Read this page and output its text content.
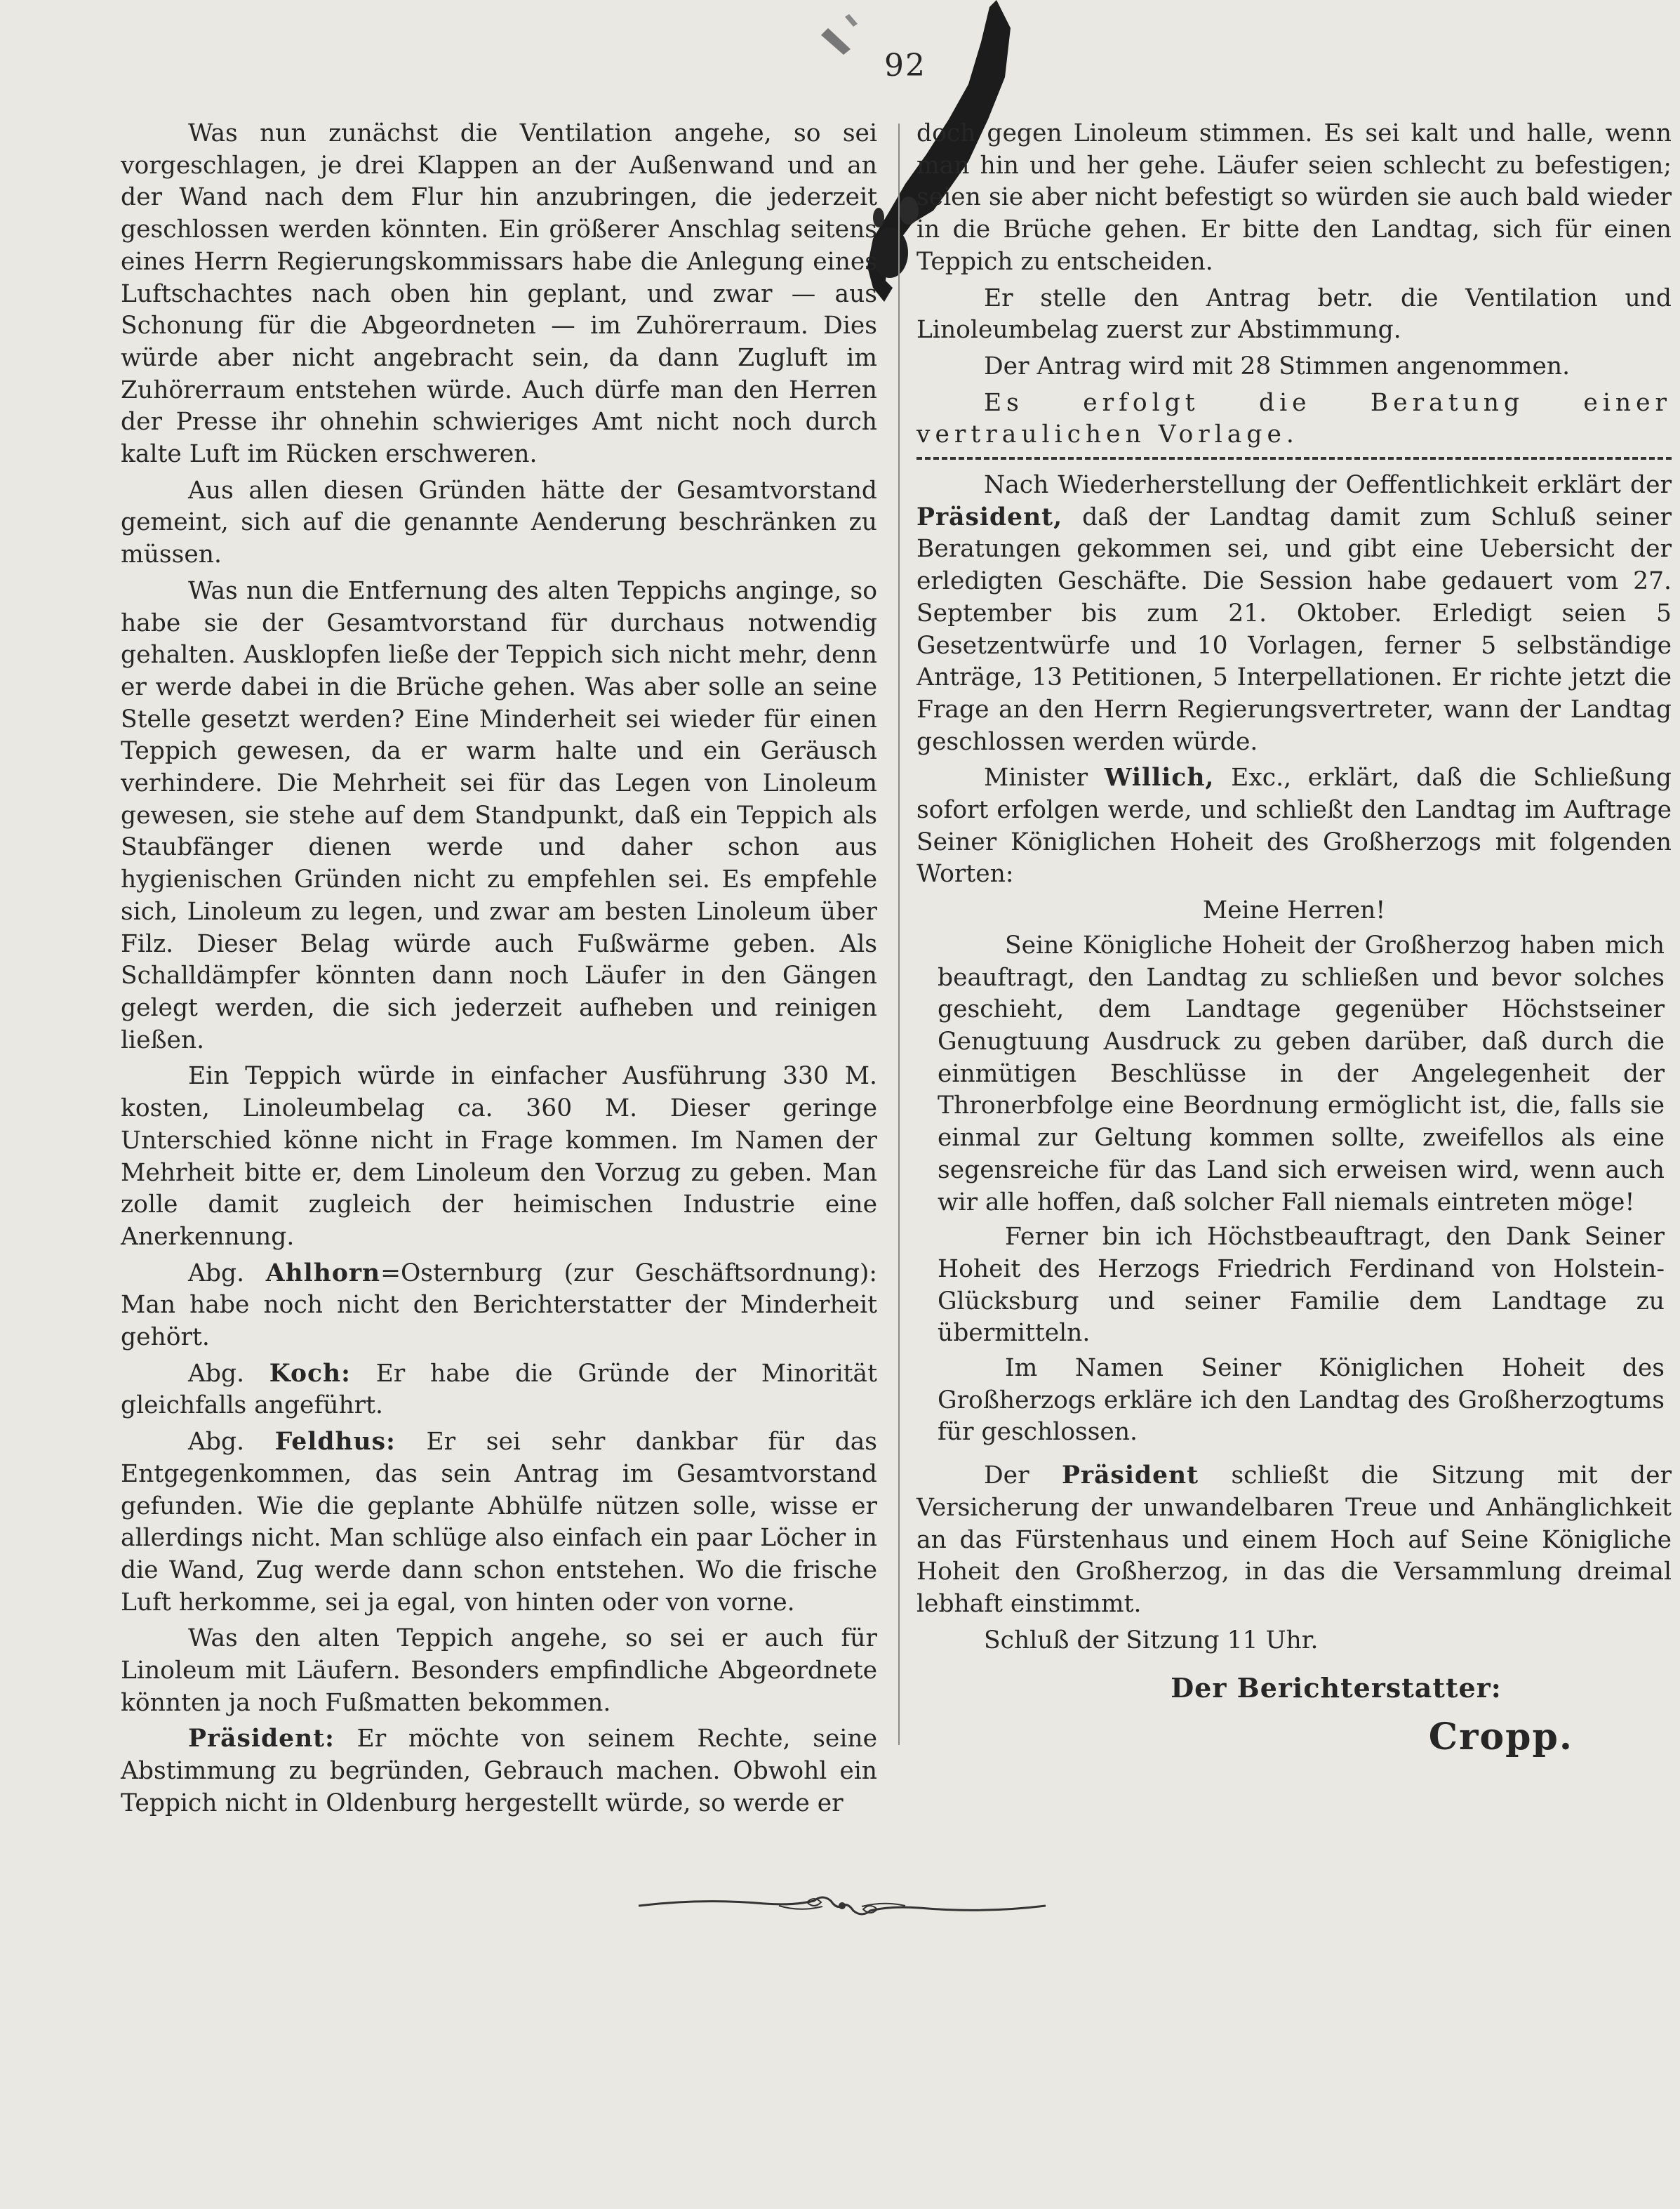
92

Was nun zunächst die Ventilation angehe, so sei vorgeschlagen, je drei Klappen an der Außenwand und an der Wand nach dem Flur hin anzubringen, die jederzeit geschlossen werden könnten. Ein größerer Anschlag seitens eines Herrn Regierungskommissars habe die Anlegung eines Luftschachtes nach oben hin geplant, und zwar — aus Schonung für die Abgeordneten — im Zuhörerraum. Dies würde aber nicht angebracht sein, da dann Zugluft im Zuhörerraum entstehen würde. Auch dürfe man den Herren der Presse ihr ohnehin schwieriges Amt nicht noch durch kalte Luft im Rücken erschweren.

Aus allen diesen Gründen hätte der Gesamtvorstand gemeint, sich auf die genannte Aenderung beschränken zu müssen.

Was nun die Entfernung des alten Teppichs anginge, so habe sie der Gesamtvorstand für durchaus notwendig gehalten. Ausklopfen ließe der Teppich sich nicht mehr, denn er werde dabei in die Brüche gehen. Was aber solle an seine Stelle gesetzt werden? Eine Minderheit sei wieder für einen Teppich gewesen, da er warm halte und ein Geräusch verhindere. Die Mehrheit sei für das Legen von Linoleum gewesen, sie stehe auf dem Standpunkt, daß ein Teppich als Staubfänger dienen werde und daher schon aus hygienischen Gründen nicht zu empfehlen sei. Es empfehle sich, Linoleum zu legen, und zwar am besten Linoleum über Filz. Dieser Belag würde auch Fußwärme geben. Als Schalldämpfer könnten dann noch Läufer in den Gängen gelegt werden, die sich jederzeit aufheben und reinigen ließen.

Ein Teppich würde in einfacher Ausführung 330 M. kosten, Linoleumbelag ca. 360 M. Dieser geringe Unterschied könne nicht in Frage kommen. Im Namen der Mehrheit bitte er, dem Linoleum den Vorzug zu geben. Man zolle damit zugleich der heimischen Industrie eine Anerkennung.

Abg. Ahlhorn=Osternburg (zur Geschäftsordnung): Man habe noch nicht den Berichterstatter der Minderheit gehört.

Abg. Koch: Er habe die Gründe der Minorität gleichfalls angeführt.

Abg. Feldhus: Er sei sehr dankbar für das Entgegenkommen, das sein Antrag im Gesamtvorstand gefunden. Wie die geplante Abhülfe nützen solle, wisse er allerdings nicht. Man schlüge also einfach ein paar Löcher in die Wand, Zug werde dann schon entstehen. Wo die frische Luft herkomme, sei ja egal, von hinten oder von vorne.

Was den alten Teppich angehe, so sei er auch für Linoleum mit Läufern. Besonders empfindliche Abgeordnete könnten ja noch Fußmatten bekommen.

Präsident: Er möchte von seinem Rechte, seine Abstimmung zu begründen, Gebrauch machen. Obwohl ein Teppich nicht in Oldenburg hergestellt würde, so werde er

doch gegen Linoleum stimmen. Es sei kalt und halle, wenn man hin und her gehe. Läufer seien schlecht zu befestigen; seien sie aber nicht befestigt so würden sie auch bald wieder in die Brüche gehen. Er bitte den Landtag, sich für einen Teppich zu entscheiden.

Er stelle den Antrag betr. die Ventilation und Linoleumbelag zuerst zur Abstimmung.

Der Antrag wird mit 28 Stimmen angenommen.

Es erfolgt die Beratung einer vertraulichen Vorlage.

Nach Wiederherstellung der Oeffentlichkeit erklärt der Präsident, daß der Landtag damit zum Schluß seiner Beratungen gekommen sei, und gibt eine Uebersicht der erledigten Geschäfte. Die Session habe gedauert vom 27. September bis zum 21. Oktober. Erledigt seien 5 Gesetzentwürfe und 10 Vorlagen, ferner 5 selbständige Anträge, 13 Petitionen, 5 Interpellationen. Er richte jetzt die Frage an den Herrn Regierungsvertreter, wann der Landtag geschlossen werden würde.

Minister Willich, Exc., erklärt, daß die Schließung sofort erfolgen werde, und schließt den Landtag im Auftrage Seiner Königlichen Hoheit des Großherzogs mit folgenden Worten:

Meine Herren!

Seine Königliche Hoheit der Großherzog haben mich beauftragt, den Landtag zu schließen und bevor solches geschieht, dem Landtage gegenüber Höchstseiner Genugtuung Ausdruck zu geben darüber, daß durch die einmütigen Beschlüsse in der Angelegenheit der Thronerbfolge eine Beordnung ermöglicht ist, die, falls sie einmal zur Geltung kommen sollte, zweifellos als eine segensreiche für das Land sich erweisen wird, wenn auch wir alle hoffen, daß solcher Fall niemals eintreten möge!

Ferner bin ich Höchstbeauftragt, den Dank Seiner Hoheit des Herzogs Friedrich Ferdinand von Holstein-Glücksburg und seiner Familie dem Landtage zu übermitteln.

Im Namen Seiner Königlichen Hoheit des Großherzogs erkläre ich den Landtag des Großherzogtums für geschlossen.

Der Präsident schließt die Sitzung mit der Versicherung der unwandelbaren Treue und Anhänglichkeit an das Fürstenhaus und einem Hoch auf Seine Königliche Hoheit den Großherzog, in das die Versammlung dreimal lebhaft einstimmt.

Schluß der Sitzung 11 Uhr.

Der Berichterstatter:

Cropp.
